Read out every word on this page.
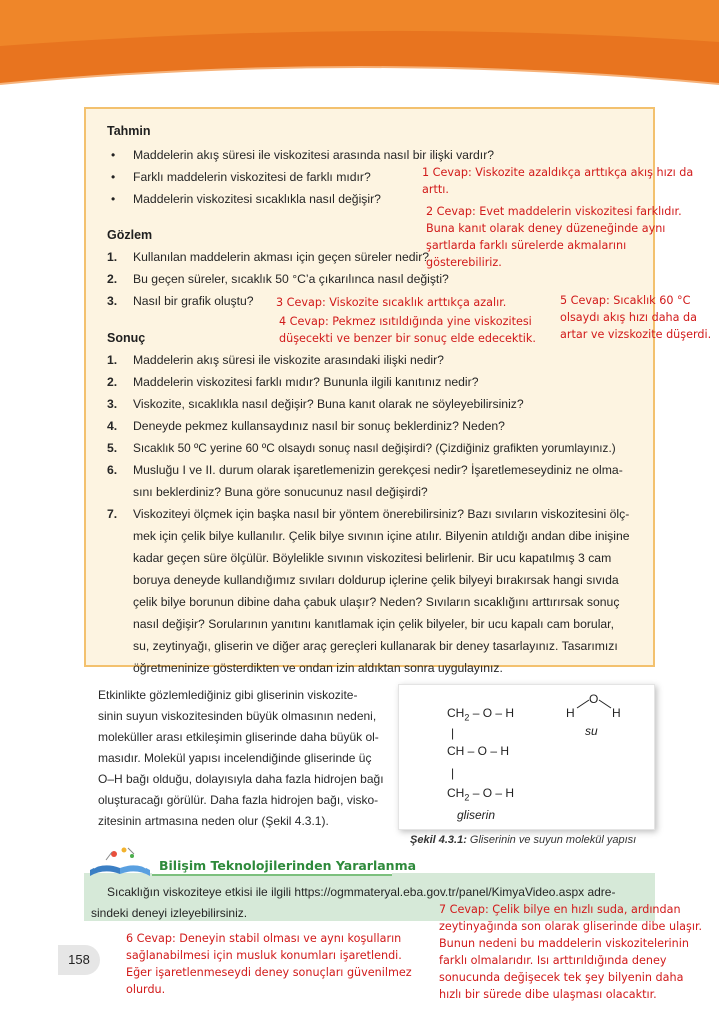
Tahmin
• Maddelerin akış süresi ile viskozitesi arasında nasıl bir ilişki vardır?
• Farklı maddelerin viskozitesi de farklı mıdır?
• Maddelerin viskozitesi sıcaklıkla nasıl değişir?
Gözlem
1. Kullanılan maddelerin akması için geçen süreler nedir?
2. Bu geçen süreler, sıcaklık 50 °C’a çıkarılınca nasıl değişti?
3. Nasıl bir grafik oluştu?
Sonuç
1. Maddelerin akış süresi ile viskozite arasındaki ilişki nedir?
2. Maddelerin viskozitesi farklı mıdır? Bununla ilgili kanıtınız nedir?
3. Viskozite, sıcaklıkla nasıl değişir? Buna kanıt olarak ne söyleyebilirsiniz?
4. Deneyde pekmez kullansaydınız nasıl bir sonuç beklerdiniz? Neden?
5. Sıcaklık 50 ºC yerine 60 ºC olsaydı sonuç nasıl değişirdi? (Çizdiğiniz grafikten yorumlayınız.)
6. Musluğu I ve II. durum olarak işaretlemenizin gerekçesi nedir? İşaretlemeseydiniz ne olma-
sını beklerdiniz? Buna göre sonucunuz nasıl değişirdi?
7. Viskoziteyi ölçmek için başka nasıl bir yöntem önerebilirsiniz? Bazı sıvıların viskozitesini ölç-
mek için çelik bilye kullanılır. Çelik bilye sıvının içine atılır. Bilyenin atıldığı andan dibe inişine
kadar geçen süre ölçülür. Böylelikle sıvının viskozitesi belirlenir. Bir ucu kapatılmış 3 cam
boruya deneyde kullandığımız sıvıları doldurup içlerine çelik bilyeyi bırakırsak hangi sıvıda
çelik bilye borunun dibine daha çabuk ulaşır? Neden? Sıvıların sıcaklığını arttırırsak sonuç
nasıl değişir? Sorularının yanıtını kanıtlamak için çelik bilyeler, bir ucu kapalı cam borular,
su, zeytinyağı, gliserin ve diğer araç gereçleri kullanarak bir deney tasarlayınız. Tasarımızı
öğretmeninize gösterdikten ve ondan izin aldıktan sonra uygulayınız.
1 Cevap: Viskozite azaldıkça arttıkça akış hızı da
arttı.
2 Cevap: Evet maddelerin viskozitesi farklıdır.
Buna kanıt olarak deney düzeneğinde aynı
şartlarda farklı sürelerde akmalarını
gösterebiliriz.
3 Cevap: Viskozite sıcaklık arttıkça azalır.
4 Cevap: Pekmez ısıtıldığında yine viskozitesi
düşecekti ve benzer bir sonuç elde edecektik.
5 Cevap: Sıcaklık 60 °C
olsaydı akış hızı daha da
artar ve vizskozite düşerdi.
Etkinlikte gözlemlediğiniz gibi gliserinin viskozite-
sinin suyun viskozitesinden büyük olmasının nedeni,
moleküller arası etkileşimin gliserinde daha büyük ol-
masıdır. Molekül yapısı incelendiğinde gliserinde üç
O–H bağı olduğu, dolayısıyla daha fazla hidrojen bağı
oluşturacağı görülür. Daha fazla hidrojen bağı, visko-
zitesinin artmasına neden olur (Şekil 4.3.1).
$CH_2$ – O – H
|
CH – O – H
|
$CH_2$ – O – H
gliserin
O
H	H
su
Şekil 4.3.1: Gliserinin ve suyun molekül yapısı
Bilişim Teknolojilerinden Yararlanma
Sıcaklığın viskoziteye etkisi ile ilgili https://ogmmateryal.eba.gov.tr/panel/KimyaVideo.aspx adre-
sindeki deneyi izleyebilirsiniz.
6 Cevap: Deneyin stabil olması ve aynı koşulların
sağlanabilmesi için musluk konumları işaretlendi.
Eğer işaretlenmeseydi deney sonuçları güvenilmez
olurdu.
7 Cevap: Çelik bilye en hızlı suda, ardından
zeytinyağında son olarak gliserinde dibe ulaşır.
Bunun nedeni bu maddelerin viskozitelerinin
farklı olmalarıdır. Isı arttırıldığında deney
sonucunda değişecek tek şey bilyenin daha
hızlı bir sürede dibe ulaşması olacaktır.
158
